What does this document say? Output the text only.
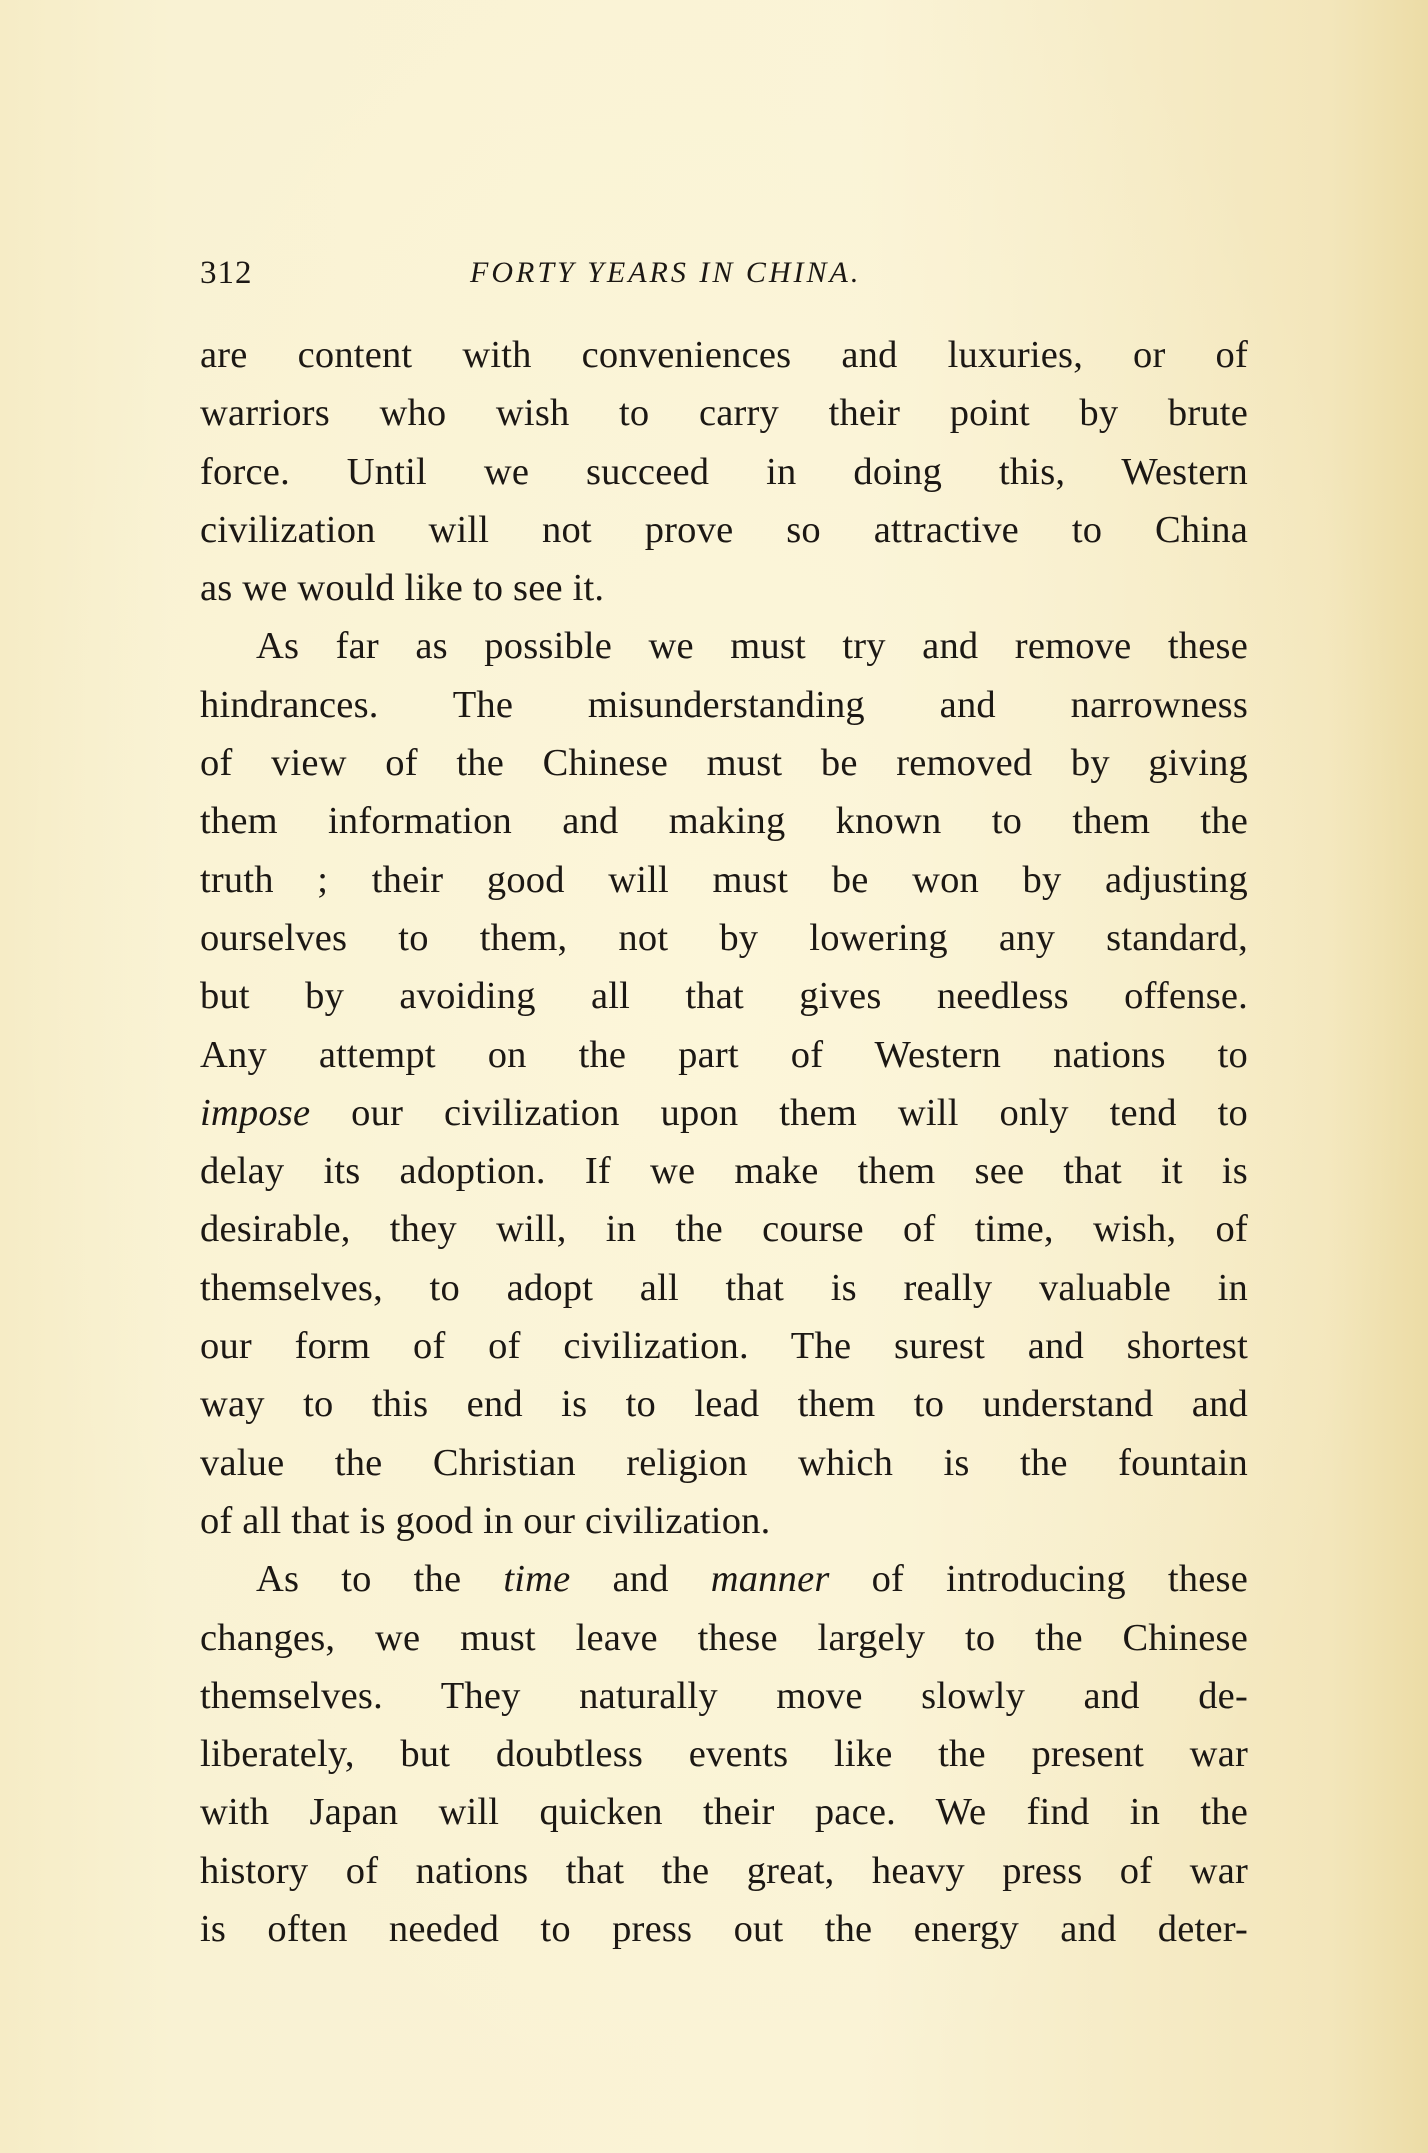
312	FORTY YEARS IN CHINA.
are content with conveniences and luxuries, or of
warriors who wish to carry their point by brute
force. Until we succeed in doing this, Western
civilization will not prove so attractive to China
as we would like to see it.
As far as possible we must try and remove these
hindrances. The misunderstanding and narrowness
of view of the Chinese must be removed by giving
them information and making known to them the
truth ; their good will must be won by adjusting
ourselves to them, not by lowering any standard,
but by avoiding all that gives needless offense.
Any attempt on the part of Western nations to
impose our civilization upon them will only tend to
delay its adoption. If we make them see that it is
desirable, they will, in the course of time, wish, of
themselves, to adopt all that is really valuable in
our form of of civilization. The surest and shortest
way to this end is to lead them to understand and
value the Christian religion which is the fountain
of all that is good in our civilization.
As to the time and manner of introducing these
changes, we must leave these largely to the Chinese
themselves. They naturally move slowly and de-
liberately, but doubtless events like the present war
with Japan will quicken their pace. We find in the
history of nations that the great, heavy press of war
is often needed to press out the energy and deter-
